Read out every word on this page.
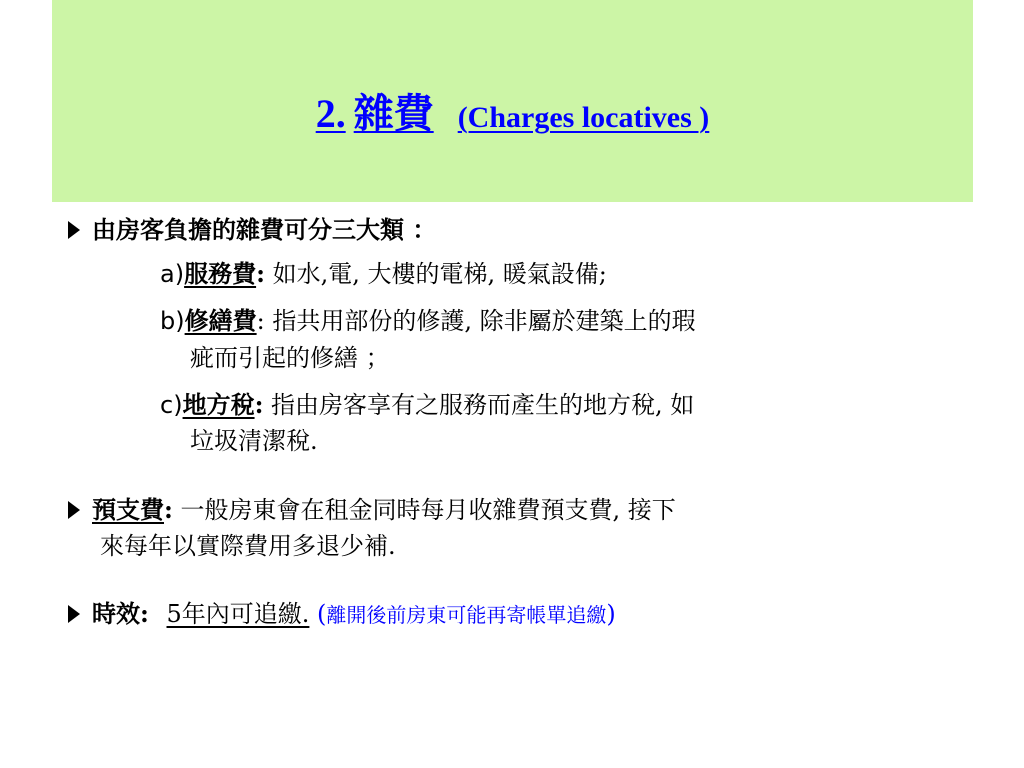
2. 雜費 (Charges locatives )
由房客負擔的雜費可分三大類 ：
a)服務費: 如水,電, 大樓的電梯, 暖氣設備;
b)修繕費: 指共用部份的修護, 除非屬於建築上的瑕
疵而引起的修繕 ；
c)地方稅: 指由房客享有之服務而產生的地方稅, 如
垃圾清潔稅.
預支費: 一般房東會在租金同時每月收雜費預支費, 接下
來每年以實際費用多退少補.
時效: 5年內可追繳. (離開後前房東可能再寄帳單追繳)
